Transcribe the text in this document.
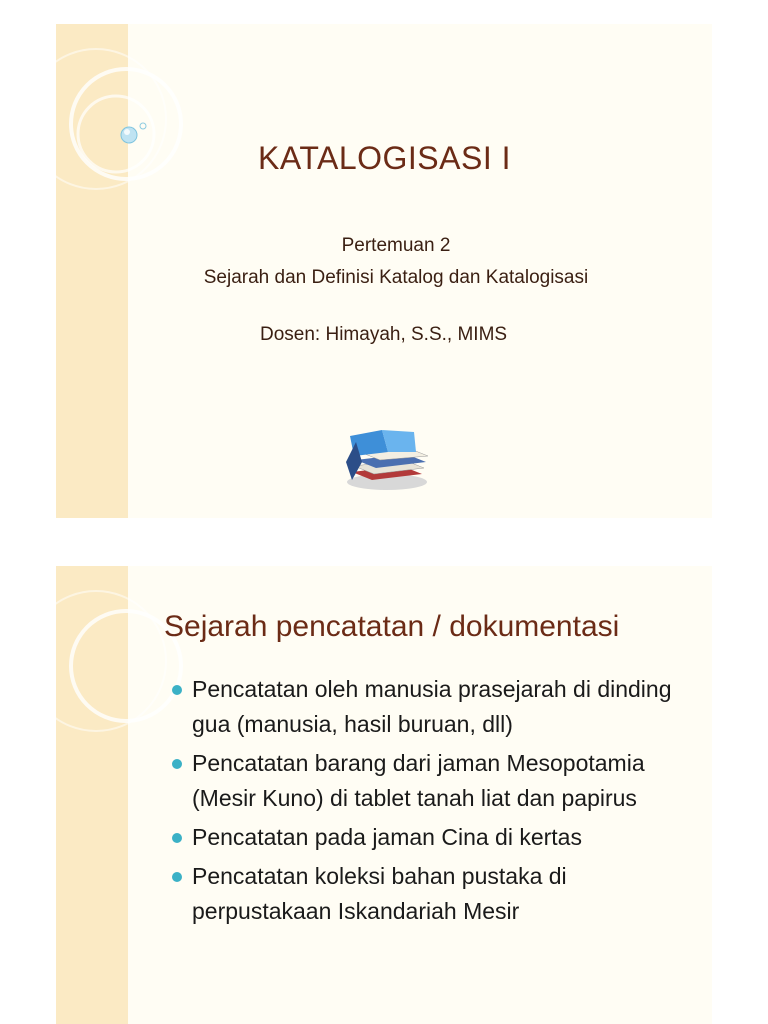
KATALOGISASI I
Pertemuan 2
Sejarah dan Definisi Katalog dan Katalogisasi
Dosen: Himayah, S.S., MIMS
Sejarah pencatatan / dokumentasi
Pencatatan oleh manusia prasejarah di dinding gua (manusia, hasil buruan, dll)
Pencatatan barang dari jaman Mesopotamia (Mesir Kuno) di tablet tanah liat dan papirus
Pencatatan pada jaman Cina di kertas
Pencatatan koleksi bahan pustaka di perpustakaan Iskandariah Mesir
